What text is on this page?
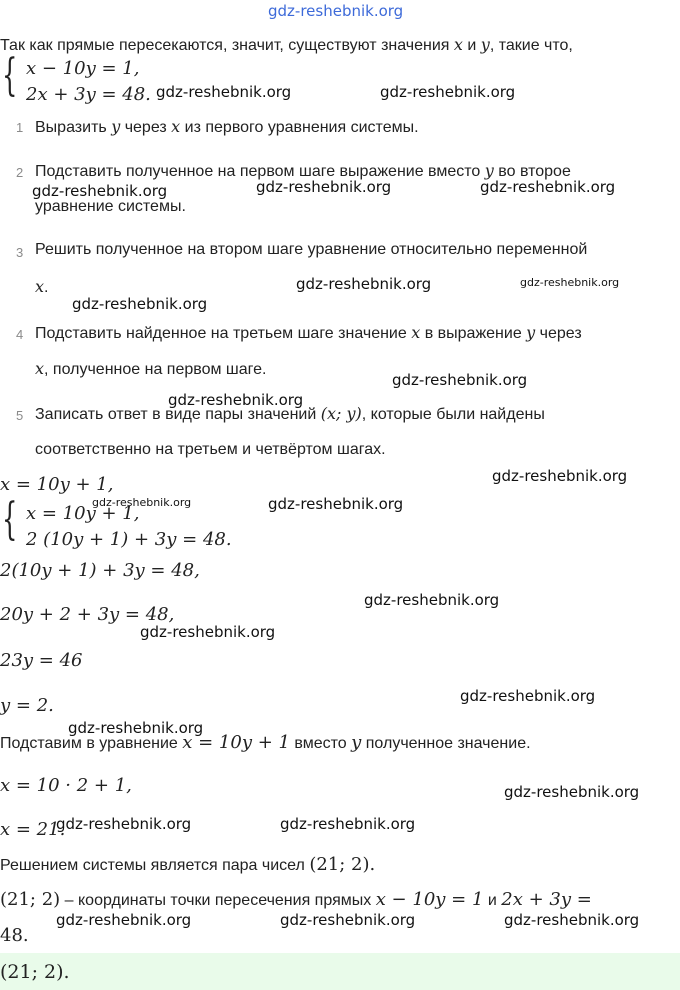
gdz-reshebnik.org
Так как прямые пересекаются, значит, существуют значения x и y, такие что,
{ x − 10y = 1,
2x + 3y = 48. gdz-reshebnik.org	gdz-reshebnik.org
1 Выразить y через x из первого уравнения системы.
2 Подставить полученное на первом шаге выражение вместо y во второе
уравнение системы.
gdz-reshebnik.org	gdz-reshebnik.org	gdz-reshebnik.org
3 Решить полученное на втором шаге уравнение относительно переменной
x.	gdz-reshebnik.org	gdz-reshebnik.org
gdz-reshebnik.org
4 Подставить найденное на третьем шаге значение x в выражение y через
x, полученное на первом шаге.
gdz-reshebnik.org
gdz-reshebnik.org
5 Записать ответ в виде пары значений (x; y), которые были найдены
соответственно на третьем и четвёртом шагах.
x = 10y + 1,	gdz-reshebnik.org
{ x = 10y + 1,
2 (10y + 1) + 3y = 48.
gdz-reshebnik.org	gdz-reshebnik.org
2(10y + 1) + 3y = 48,
20y + 2 + 3y = 48,
gdz-reshebnik.org
gdz-reshebnik.org
23y = 46
y = 2.	gdz-reshebnik.org
gdz-reshebnik.org
Подставим в уравнение x = 10y + 1 вместо y полученное значение.
x = 10 · 2 + 1,	gdz-reshebnik.org
x = 21.
gdz-reshebnik.org	gdz-reshebnik.org
Решением системы является пара чисел (21; 2).
(21; 2) – координаты точки пересечения прямых x − 10y = 1 и 2x + 3y =
48.
gdz-reshebnik.org	gdz-reshebnik.org	gdz-reshebnik.org
(21; 2).
